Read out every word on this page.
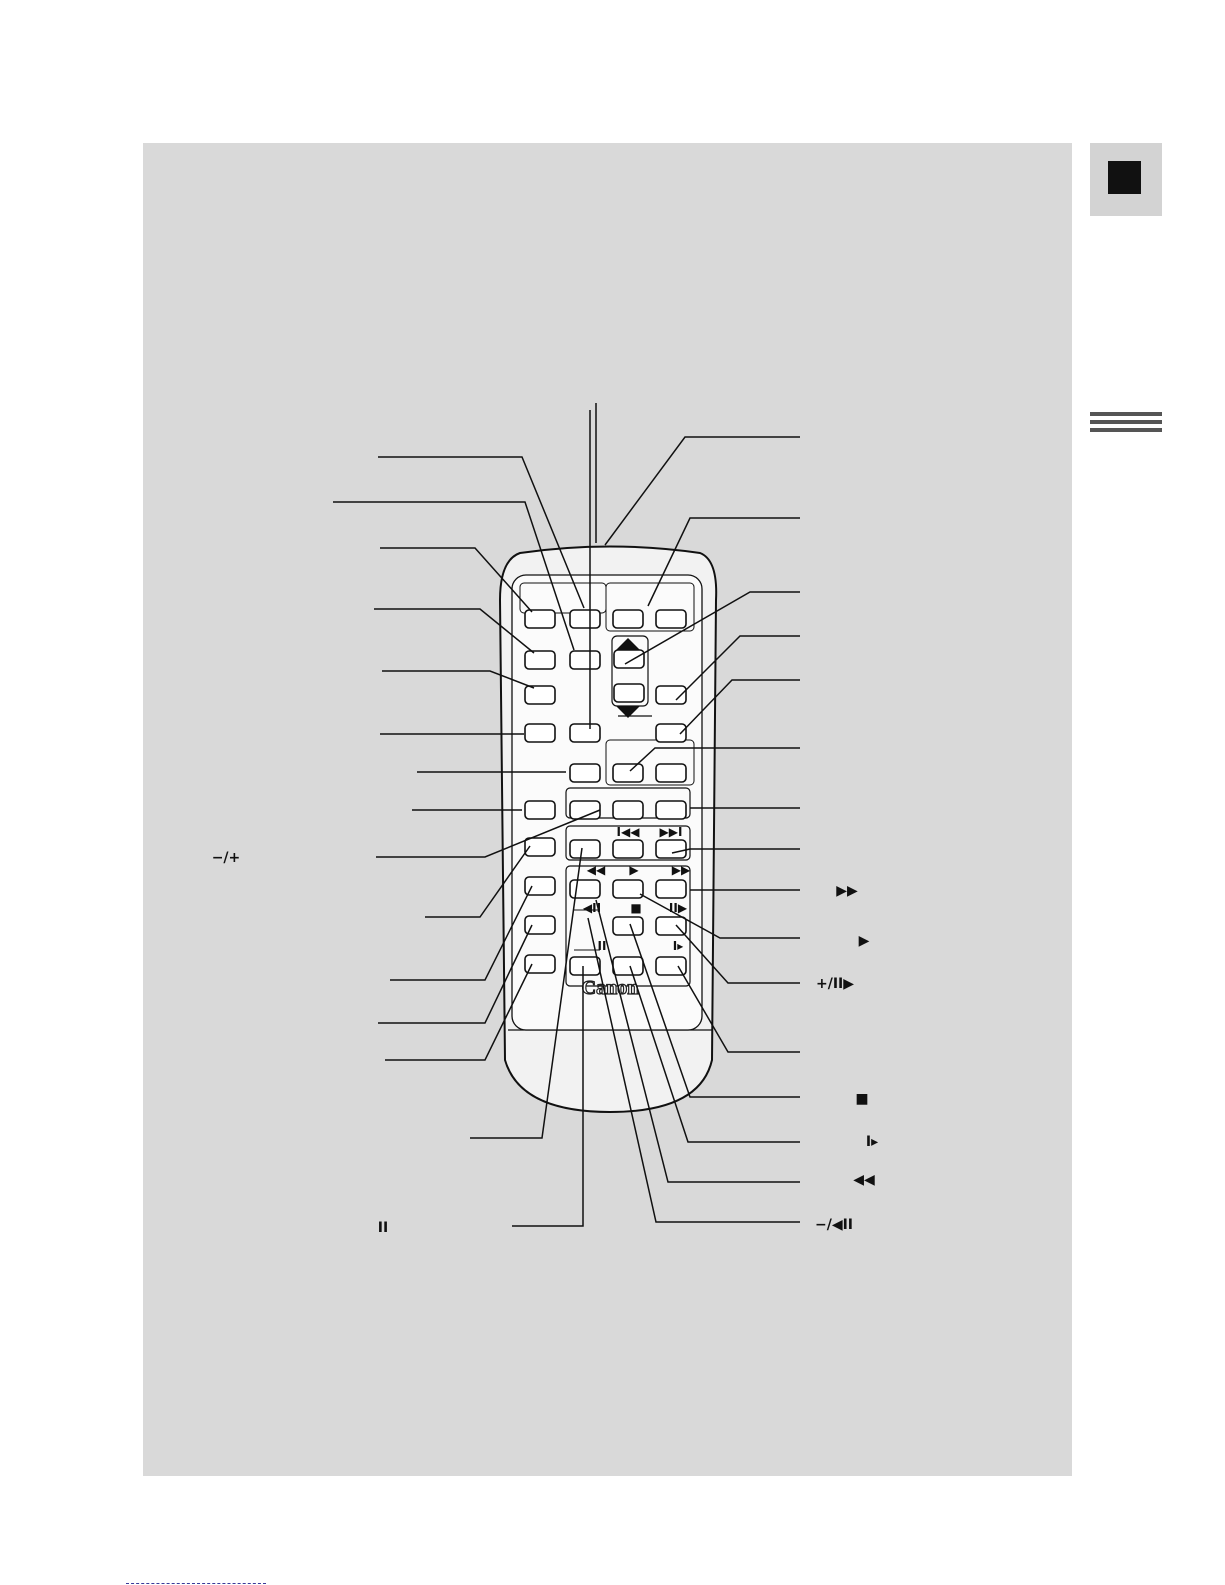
I◀◀ ▶▶I
◀◀ ▶	▶▶
◀II ■ II▶
II	I▸
Canon
−/+
II
▶▶
▶
+/II▶
■
I▸
◀◀
−/◀II
